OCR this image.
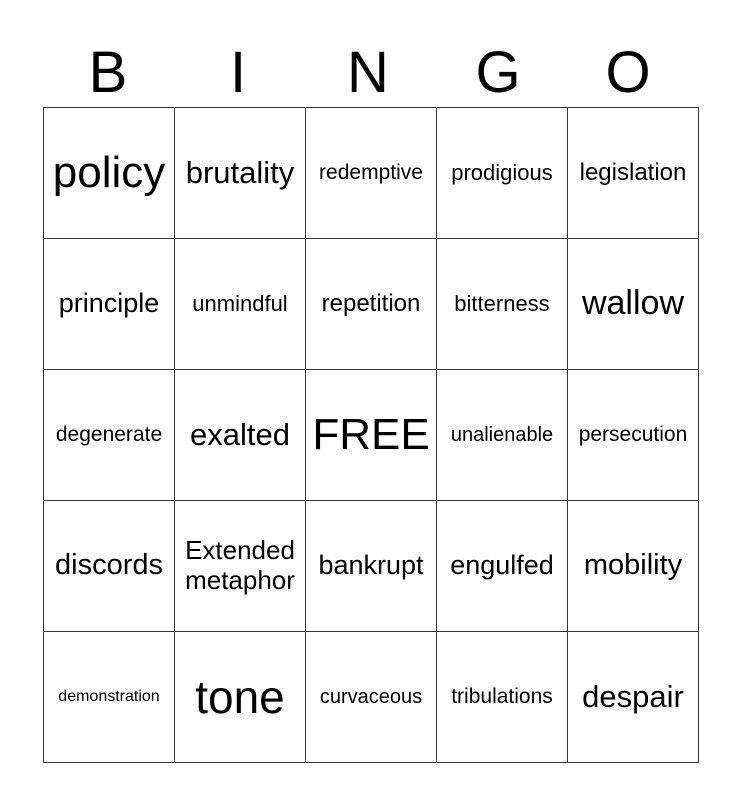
B	I	N	G	O
policy	brutality	redemptive	prodigious	legislation
principle	unmindful	repetition	bitterness	wallow
degenerate	exalted	FREE	unalienable	persecution
discords	Extended metaphor	bankrupt	engulfed	mobility
demonstration	tone	curvaceous	tribulations	despair
